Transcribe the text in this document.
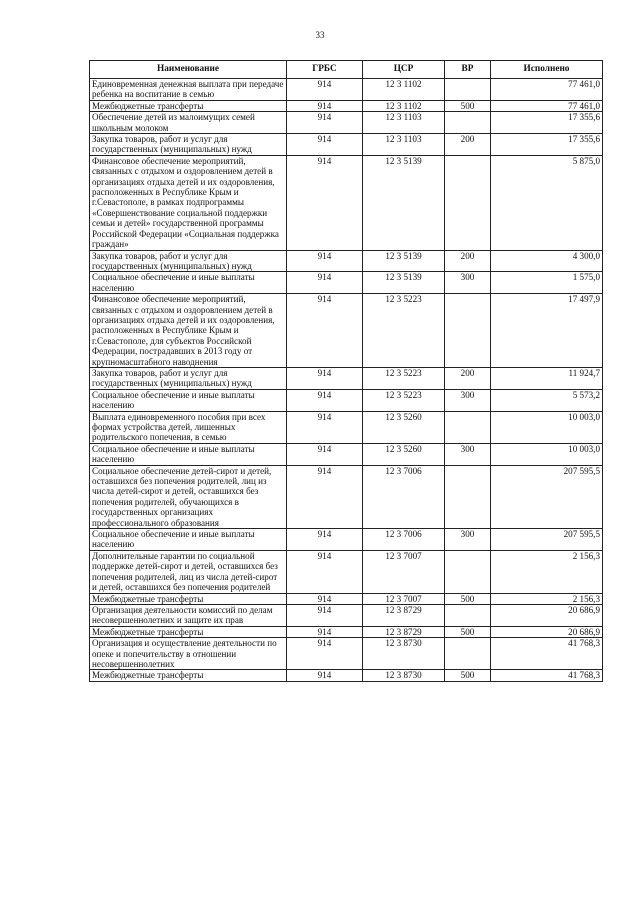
33
Наименование	ГРБС	ЦСР	ВР	Исполнено
Единовременная денежная выплата при передаче ребенка на воспитание в семью	914	12 3 1102		77 461,0
Межбюджетные трансферты	914	12 3 1102	500	77 461,0
Обеспечение детей из малоимущих семей школьным молоком	914	12 3 1103		17 355,6
Закупка товаров, работ и услуг для государственных (муниципальных) нужд	914	12 3 1103	200	17 355,6
Финансовое обеспечение мероприятий, связанных с отдыхом и оздоровлением детей в организациях отдыха детей и их оздоровления, расположенных в Республике Крым и г.Севастополе, в рамках подпрограммы «Совершенствование социальной поддержки семьи и детей» государственной программы Российской Федерации «Социальная поддержка граждан»	914	12 3 5139		5 875,0
Закупка товаров, работ и услуг для государственных (муниципальных) нужд	914	12 3 5139	200	4 300,0
Социальное обеспечение и иные выплаты населению	914	12 3 5139	300	1 575,0
Финансовое обеспечение мероприятий, связанных с отдыхом и оздоровлением детей в организациях отдыха детей и их оздоровления, расположенных в Республике Крым и г.Севастополе, для субъектов Российской Федерации, пострадавших в 2013 году от крупномасштабного наводнения	914	12 3 5223		17 497,9
Закупка товаров, работ и услуг для государственных (муниципальных) нужд	914	12 3 5223	200	11 924,7
Социальное обеспечение и иные выплаты населению	914	12 3 5223	300	5 573,2
Выплата единовременного пособия при всех формах устройства детей, лишенных родительского попечения, в семью	914	12 3 5260		10 003,0
Социальное обеспечение и иные выплаты населению	914	12 3 5260	300	10 003,0
Социальное обеспечение детей-сирот и детей, оставшихся без попечения родителей, лиц из числа детей-сирот и детей, оставшихся без попечения родителей, обучающихся в государственных организациях профессионального образования	914	12 3 7006		207 595,5
Социальное обеспечение и иные выплаты населению	914	12 3 7006	300	207 595,5
Дополнительные гарантии по социальной поддержке детей-сирот и детей, оставшихся без попечения родителей, лиц из числа детей-сирот и детей, оставшихся без попечения родителей	914	12 3 7007		2 156,3
Межбюджетные трансферты	914	12 3 7007	500	2 156,3
Организация деятельности комиссий по делам несовершеннолетних и защите их прав	914	12 3 8729		20 686,9
Межбюджетные трансферты	914	12 3 8729	500	20 686,9
Организация и осуществление деятельности по опеке и попечительству в отношении несовершеннолетних	914	12 3 8730		41 768,3
Межбюджетные трансферты	914	12 3 8730	500	41 768,3
